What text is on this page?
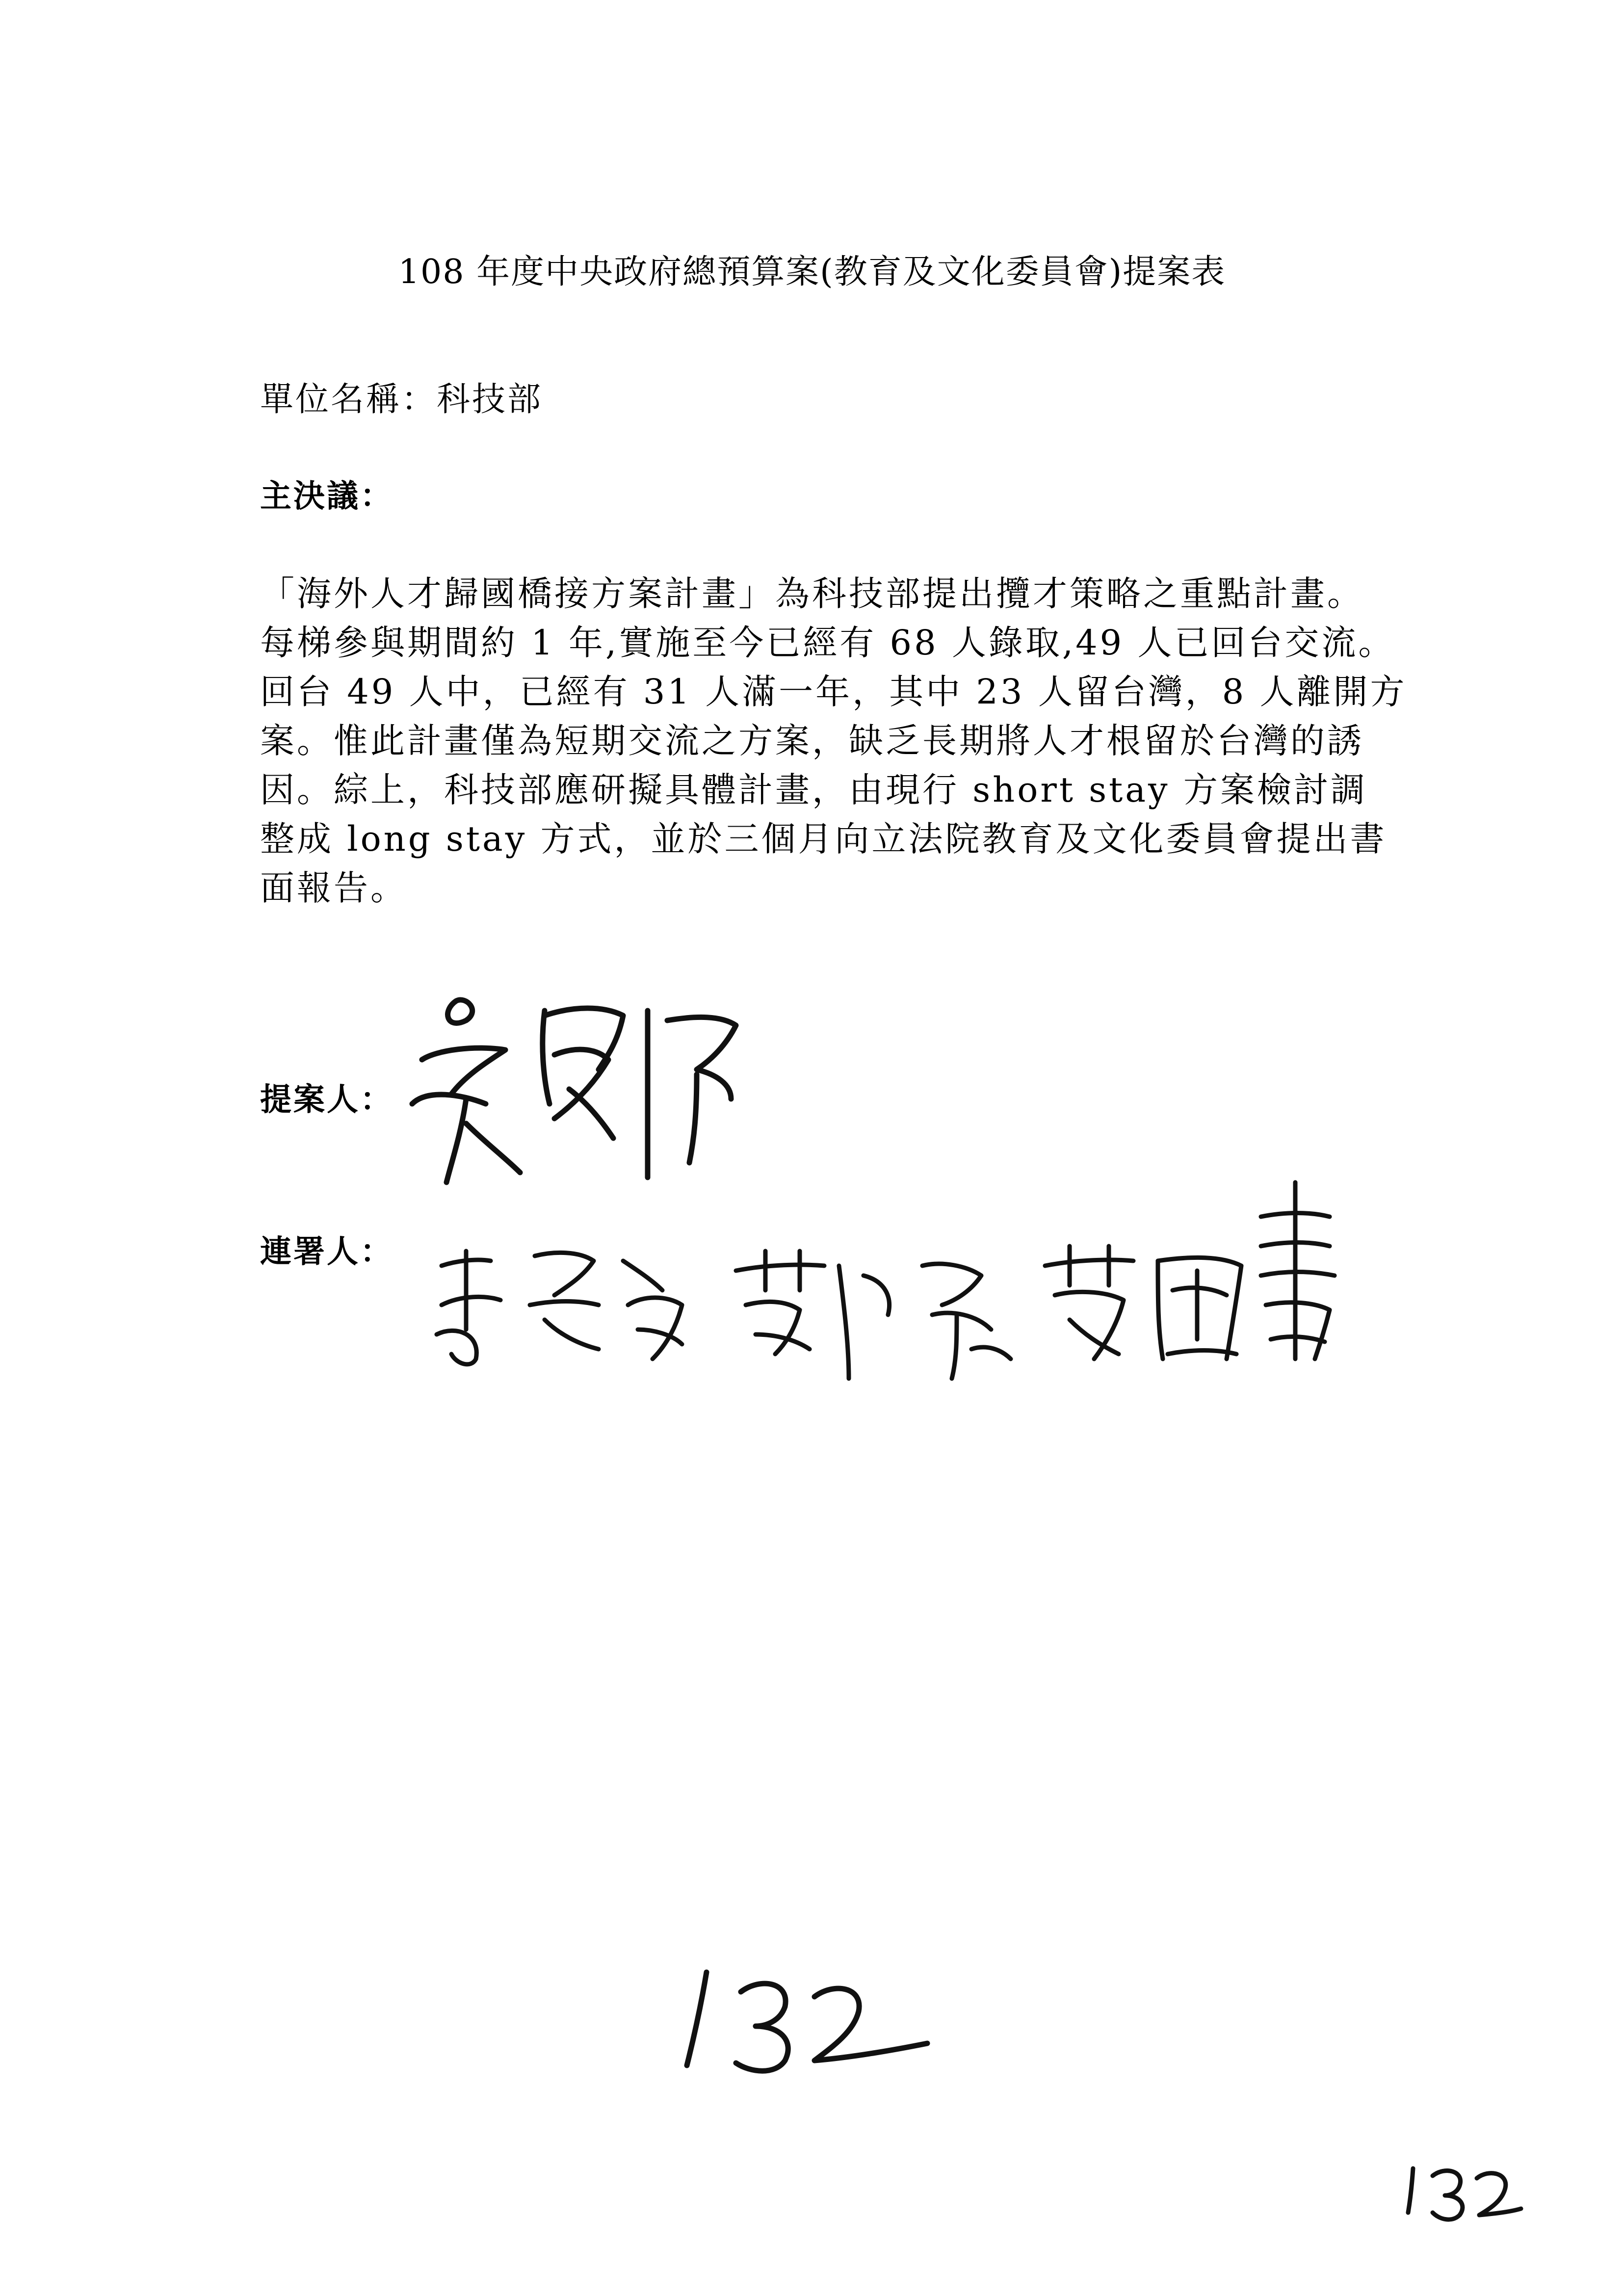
108 年度中央政府總預算案(教育及文化委員會)提案表
單位名稱：科技部
主決議：
「海外人才歸國橋接方案計畫」為科技部提出攬才策略之重點計畫。
每梯參與期間約 1 年,實施至今已經有 68 人錄取,49 人已回台交流。
回台 49 人中，已經有 31 人滿一年，其中 23 人留台灣，8 人離開方
案。惟此計畫僅為短期交流之方案，缺乏長期將人才根留於台灣的誘
因。綜上，科技部應研擬具體計畫，由現行 short stay 方案檢討調
整成 long stay 方式，並於三個月向立法院教育及文化委員會提出書
面報告。
提案人：
連署人：
